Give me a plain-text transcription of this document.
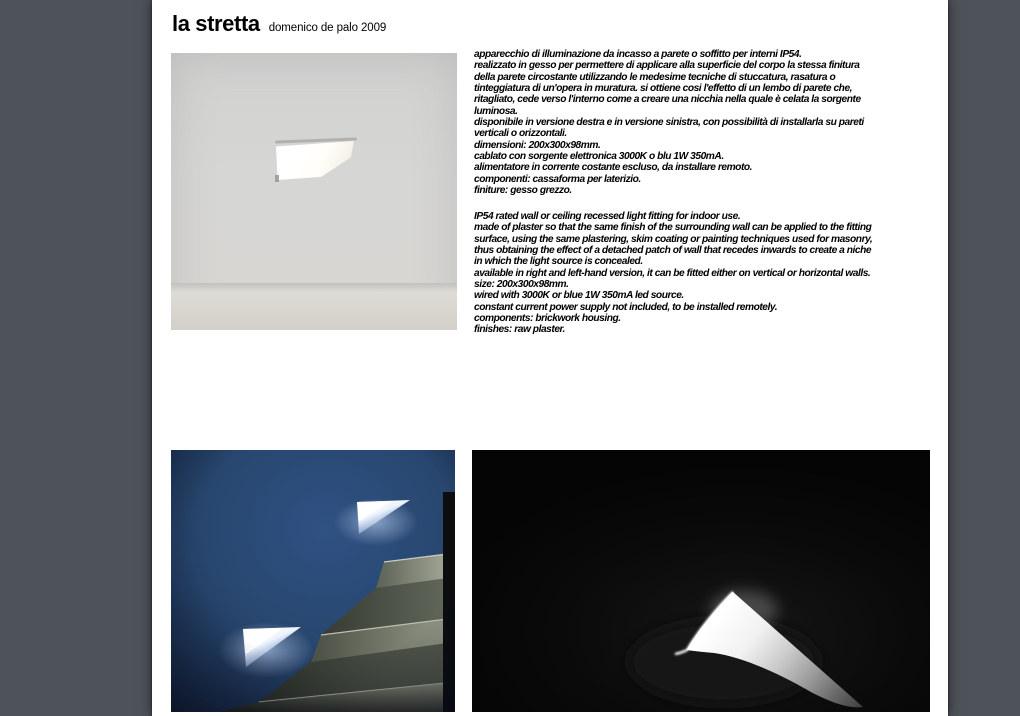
la stretta domenico de palo 2009
apparecchio di illuminazione da incasso a parete o soffitto per interni IP54.
realizzato in gesso per permettere di applicare alla superficie del corpo la stessa finitura
della parete circostante utilizzando le medesime tecniche di stuccatura, rasatura o
tinteggiatura di un'opera in muratura. si ottiene cosi l'effetto di un lembo di parete che,
ritagliato, cede verso l'interno come a creare una nicchia nella quale è celata la sorgente
luminosa.
disponibile in versione destra e in versione sinistra, con possibilità di installarla su pareti
verticali o orizzontali.
dimensioni: 200x300x98mm.
cablato con sorgente elettronica 3000K o blu 1W 350mA.
alimentatore in corrente costante escluso, da installare remoto.
componenti: cassaforma per laterizio.
finiture: gesso grezzo.
IP54 rated wall or ceiling recessed light fitting for indoor use.
made of plaster so that the same finish of the surrounding wall can be applied to the fitting
surface, using the same plastering, skim coating or painting techniques used for masonry,
thus obtaining the effect of a detached patch of wall that recedes inwards to create a niche
in which the light source is concealed.
available in right and left-hand version, it can be fitted either on vertical or horizontal walls.
size: 200x300x98mm.
wired with 3000K or blue 1W 350mA led source.
constant current power supply not included, to be installed remotely.
components: brickwork housing.
finishes: raw plaster.
